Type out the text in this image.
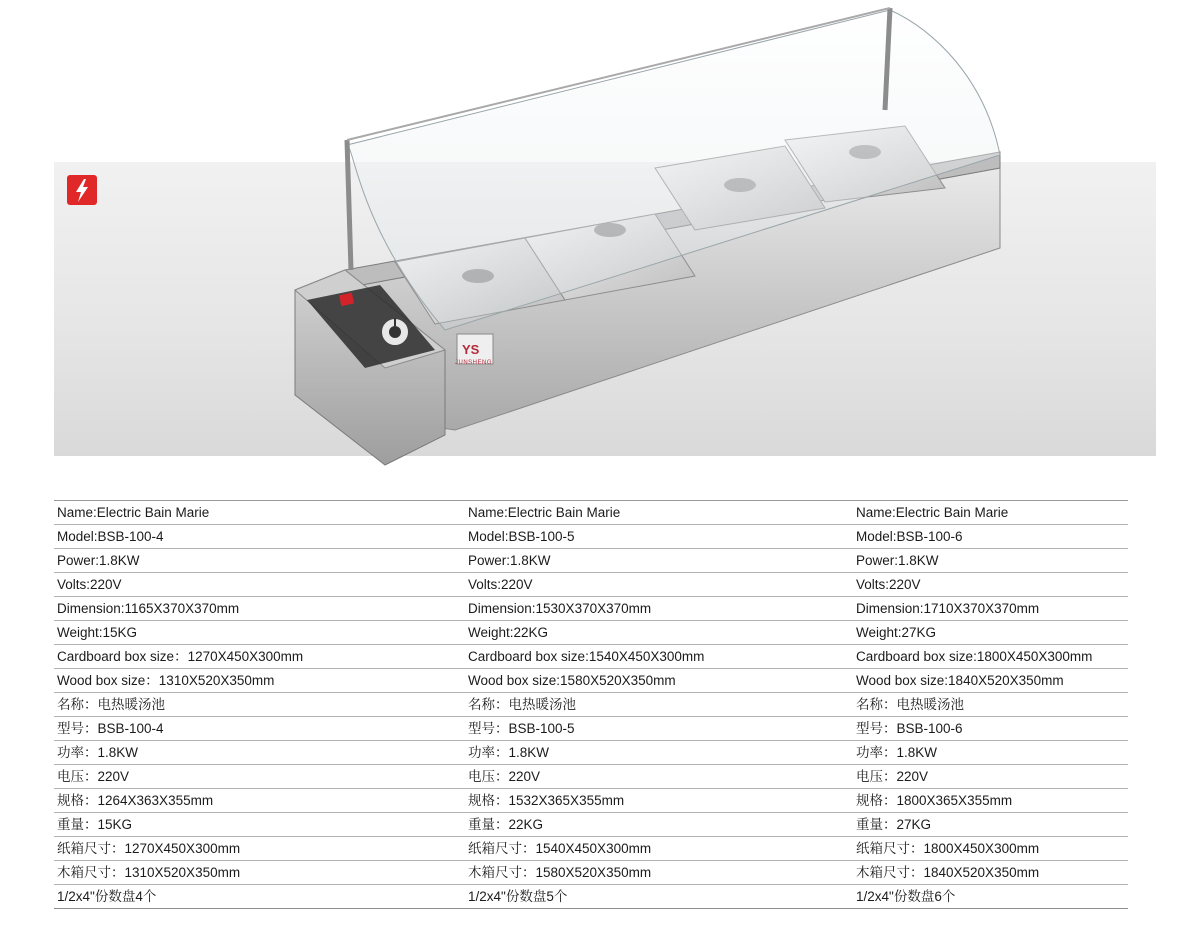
YS
JUNSHENG
Name:Electric Bain Marie	Name:Electric Bain Marie	Name:Electric Bain Marie
Model:BSB-100-4	Model:BSB-100-5	Model:BSB-100-6
Power:1.8KW	Power:1.8KW	Power:1.8KW
Volts:220V	Volts:220V	Volts:220V
Dimension:1165X370X370mm	Dimension:1530X370X370mm	Dimension:1710X370X370mm
Weight:15KG	Weight:22KG	Weight:27KG
Cardboard box size：1270X450X300mm	Cardboard box size:1540X450X300mm	Cardboard box size:1800X450X300mm
Wood box size：1310X520X350mm	Wood box size:1580X520X350mm	Wood box size:1840X520X350mm
名称：电热暖汤池	名称：电热暖汤池	名称：电热暖汤池
型号：BSB-100-4	型号：BSB-100-5	型号：BSB-100-6
功率：1.8KW	功率：1.8KW	功率：1.8KW
电压：220V	电压：220V	电压：220V
规格：1264X363X355mm	规格：1532X365X355mm	规格：1800X365X355mm
重量：15KG	重量：22KG	重量：27KG
纸箱尺寸：1270X450X300mm	纸箱尺寸：1540X450X300mm	纸箱尺寸：1800X450X300mm
木箱尺寸：1310X520X350mm	木箱尺寸：1580X520X350mm	木箱尺寸：1840X520X350mm
1/2x4"份数盘4个	1/2x4"份数盘5个	1/2x4"份数盘6个
